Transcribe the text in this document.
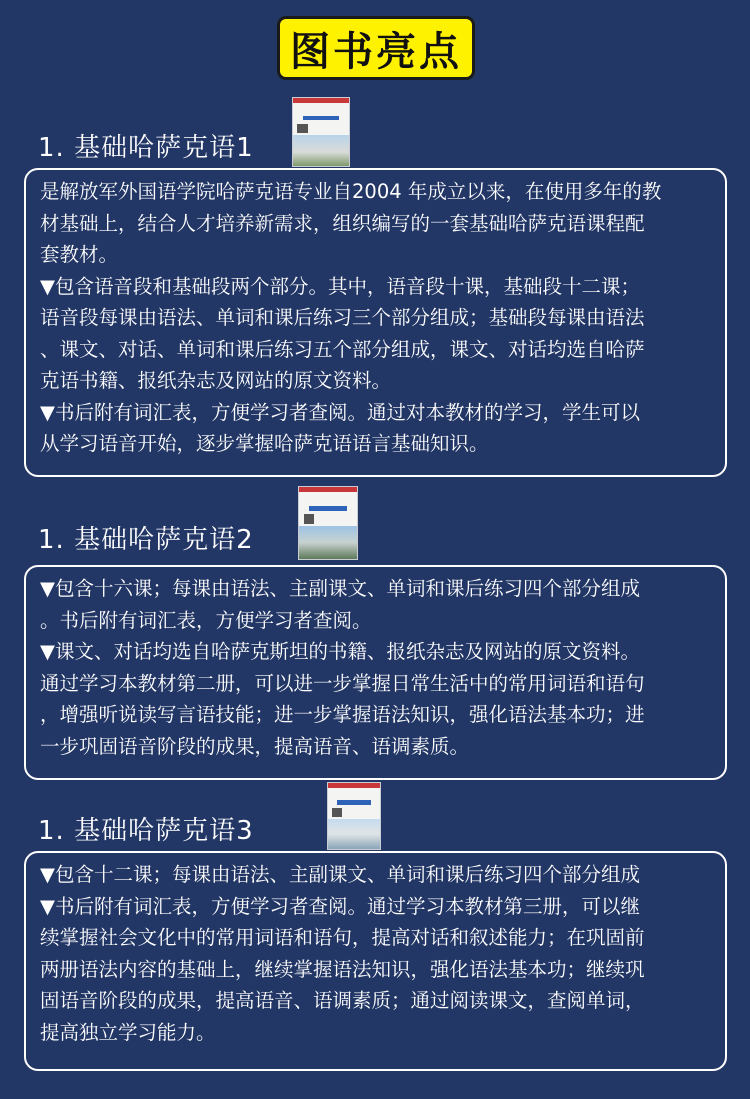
图书亮点
1. 基础哈萨克语1

是解放军外国语学院哈萨克语专业自2004 年成立以来，在使用多年的教

材基础上，结合人才培养新需求，组织编写的一套基础哈萨克语课程配

套教材。

▼包含语音段和基础段两个部分。其中，语音段十课，基础段十二课；

语音段每课由语法、单词和课后练习三个部分组成；基础段每课由语法

、课文、对话、单词和课后练习五个部分组成，课文、对话均选自哈萨

克语书籍、报纸杂志及网站的原文资料。

▼书后附有词汇表，方便学习者查阅。通过对本教材的学习，学生可以

从学习语音开始，逐步掌握哈萨克语语言基础知识。

1. 基础哈萨克语2

▼包含十六课；每课由语法、主副课文、单词和课后练习四个部分组成

。书后附有词汇表，方便学习者查阅。

▼课文、对话均选自哈萨克斯坦的书籍、报纸杂志及网站的原文资料。

通过学习本教材第二册，可以进一步掌握日常生活中的常用词语和语句

，增强听说读写言语技能；进一步掌握语法知识，强化语法基本功；进

一步巩固语音阶段的成果，提高语音、语调素质。

1. 基础哈萨克语3

▼包含十二课；每课由语法、主副课文、单词和课后练习四个部分组成

▼书后附有词汇表，方便学习者查阅。通过学习本教材第三册，可以继

续掌握社会文化中的常用词语和语句，提高对话和叙述能力；在巩固前

两册语法内容的基础上，继续掌握语法知识，强化语法基本功；继续巩

固语音阶段的成果，提高语音、语调素质；通过阅读课文，查阅单词，

提高独立学习能力。
